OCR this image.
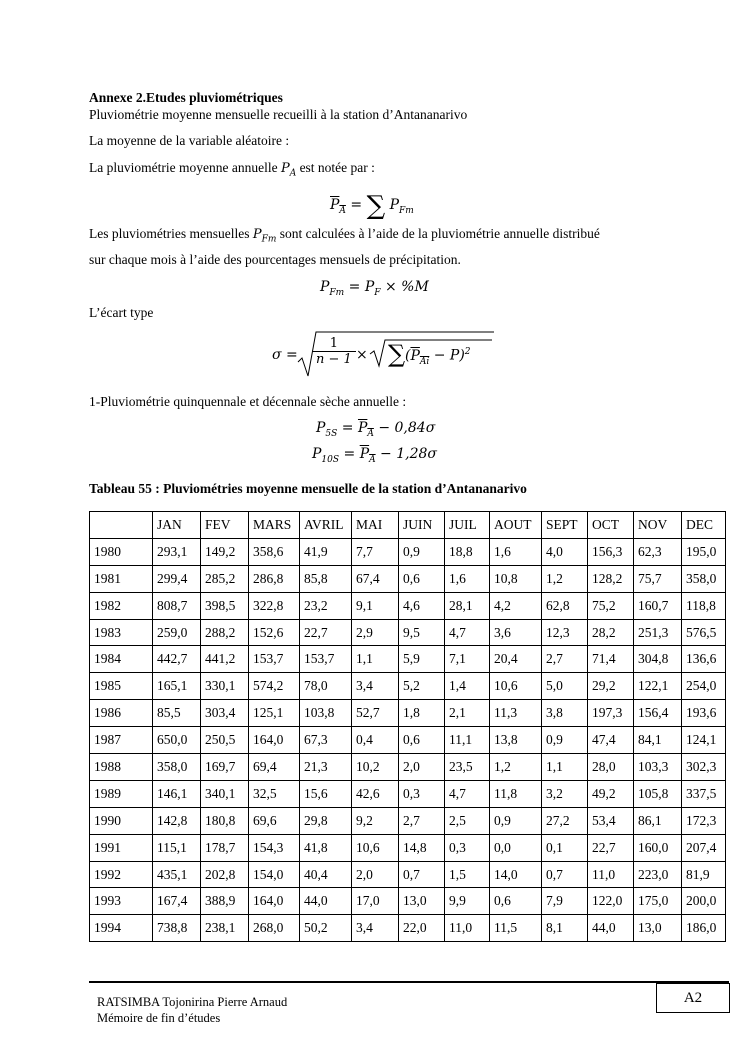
Annexe 2.Etudes pluviométriques
Pluviométrie moyenne mensuelle recueilli à la station d’Antananarivo
La moyenne de la variable aléatoire :
La pluviométrie moyenne annuelle $P_A$ est notée par :
$P_A$ = ∑ $P_{Fm}$
Les pluviométries mensuelles $P_{Fm}$ sont calculées à l’aide de la pluviométrie annuelle distribué
sur chaque mois à l’aide des pourcentages mensuels de précipitation.
$P_{Fm} = P_F \times \%M$
L’écart type
$\sigma = \frac{1}{n - 1}$ × ∑ $(P_{Ai} - P)^2$
1-Pluviométrie quinquennale et décennale sèche annuelle :
$P_{5S} = P_A - 0,84\sigma$
$P_{10S} = P_A - 1,28\sigma$
Tableau 55 : Pluviométries moyenne mensuelle de la station d’Antananarivo
	JAN	FEV	MARS	AVRIL	MAI	JUIN	JUIL	AOUT	SEPT	OCT	NOV	DEC
1980	293,1	149,2	358,6	41,9	7,7	0,9	18,8	1,6	4,0	156,3	62,3	195,0
1981	299,4	285,2	286,8	85,8	67,4	0,6	1,6	10,8	1,2	128,2	75,7	358,0
1982	808,7	398,5	322,8	23,2	9,1	4,6	28,1	4,2	62,8	75,2	160,7	118,8
1983	259,0	288,2	152,6	22,7	2,9	9,5	4,7	3,6	12,3	28,2	251,3	576,5
1984	442,7	441,2	153,7	153,7	1,1	5,9	7,1	20,4	2,7	71,4	304,8	136,6
1985	165,1	330,1	574,2	78,0	3,4	5,2	1,4	10,6	5,0	29,2	122,1	254,0
1986	85,5	303,4	125,1	103,8	52,7	1,8	2,1	11,3	3,8	197,3	156,4	193,6
1987	650,0	250,5	164,0	67,3	0,4	0,6	11,1	13,8	0,9	47,4	84,1	124,1
1988	358,0	169,7	69,4	21,3	10,2	2,0	23,5	1,2	1,1	28,0	103,3	302,3
1989	146,1	340,1	32,5	15,6	42,6	0,3	4,7	11,8	3,2	49,2	105,8	337,5
1990	142,8	180,8	69,6	29,8	9,2	2,7	2,5	0,9	27,2	53,4	86,1	172,3
1991	115,1	178,7	154,3	41,8	10,6	14,8	0,3	0,0	0,1	22,7	160,0	207,4
1992	435,1	202,8	154,0	40,4	2,0	0,7	1,5	14,0	0,7	11,0	223,0	81,9
1993	167,4	388,9	164,0	44,0	17,0	13,0	9,9	0,6	7,9	122,0	175,0	200,0
1994	738,8	238,1	268,0	50,2	3,4	22,0	11,0	11,5	8,1	44,0	13,0	186,0
A2
RATSIMBA Tojonirina Pierre Arnaud
Mémoire de fin d’études
